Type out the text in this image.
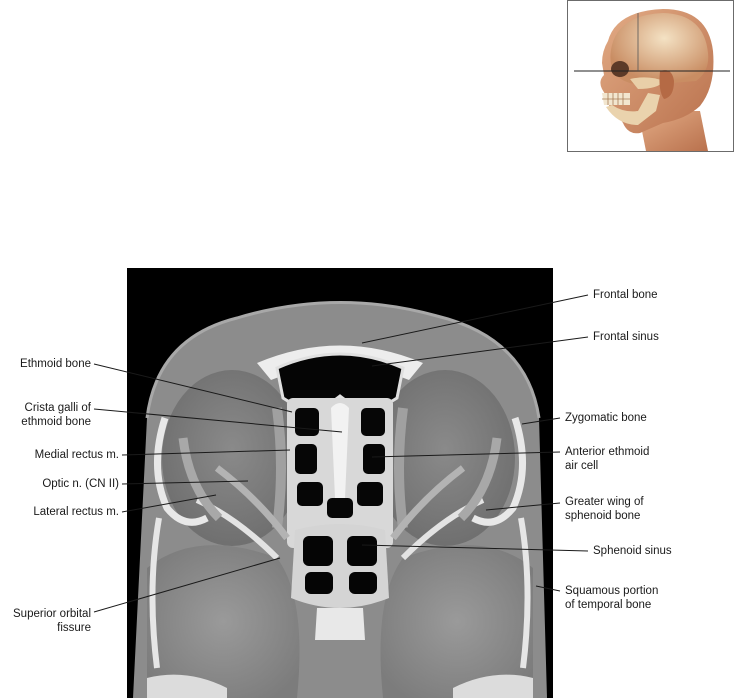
Frontal bone
Frontal sinus
Ethmoid bone
Crista galli of
ethmoid bone	Zygomatic bone
Medial rectus m.	Anterior ethmoid
air cell
Optic n. (CN II)
Greater wing of
sphenoid bone
Lateral rectus m.
Sphenoid sinus
Squamous portion
of temporal bone
Superior orbital
fissure
